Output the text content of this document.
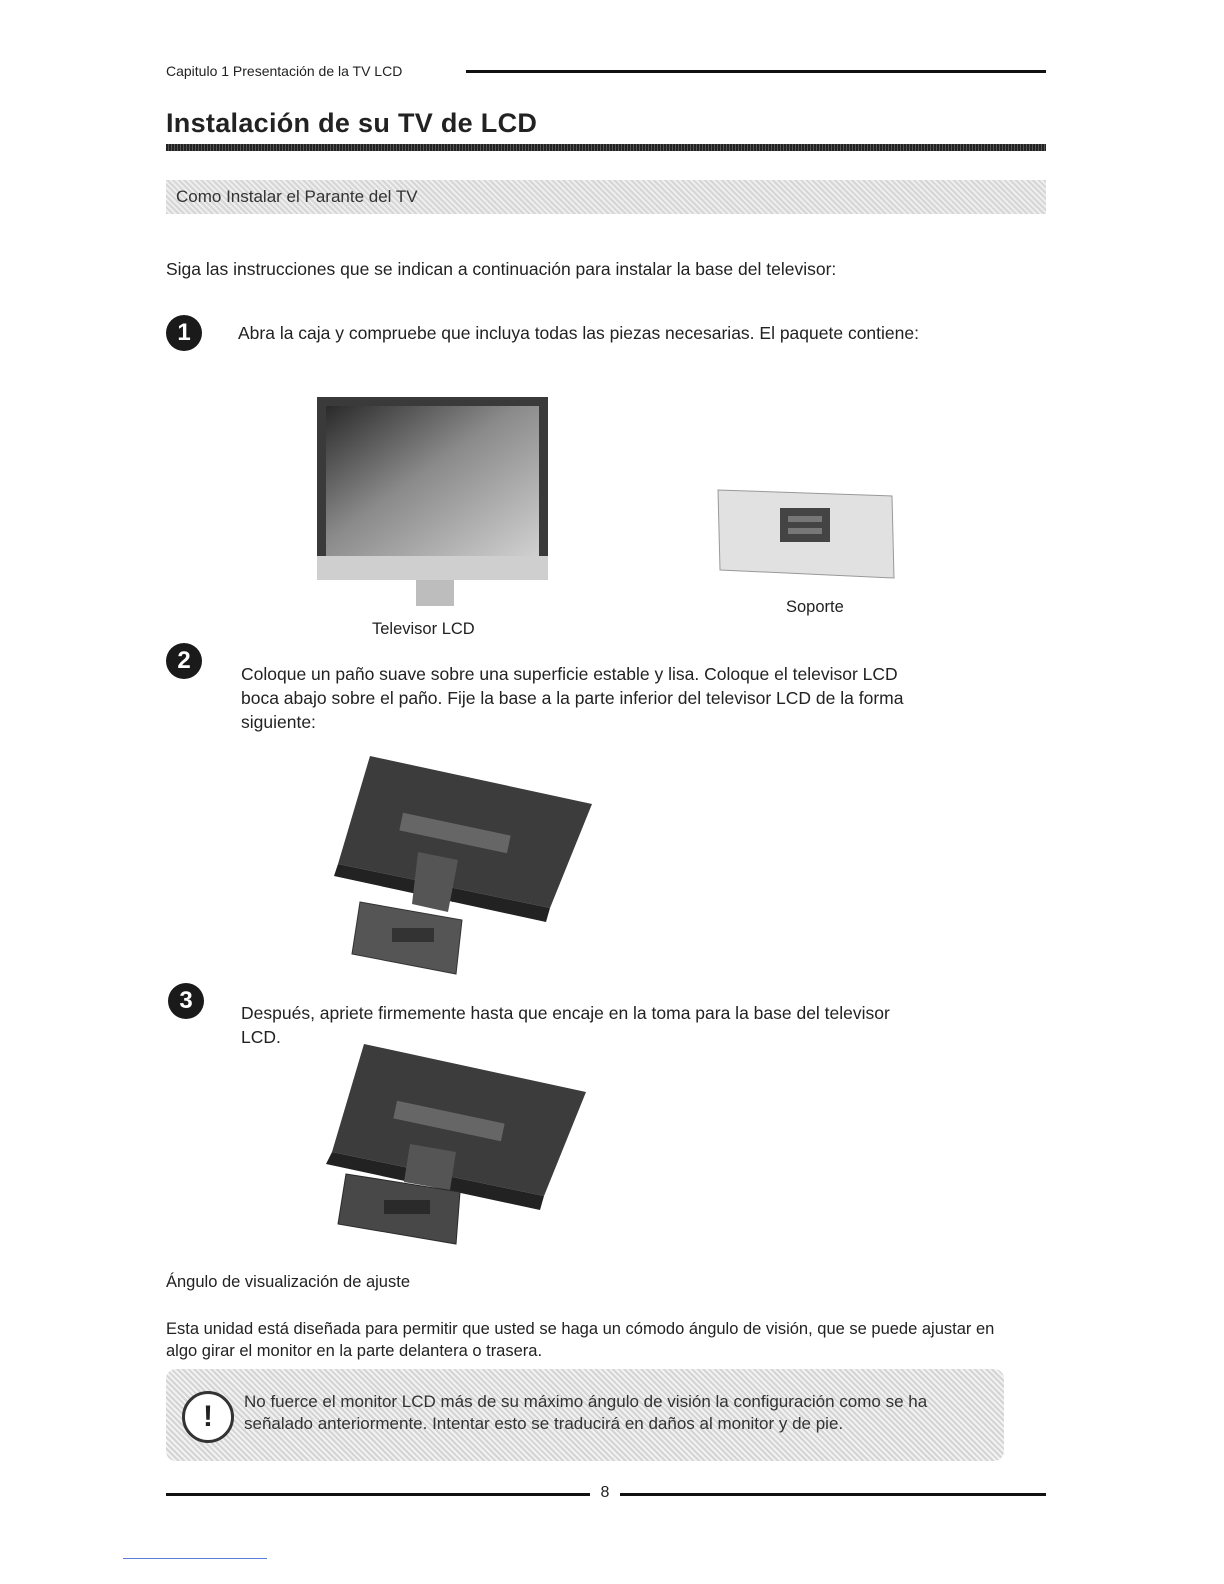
Capitulo 1 Presentación de la TV LCD
Instalación de su TV de LCD
Como Instalar el Parante del TV
Siga las instrucciones que se indican a continuación para instalar la base del televisor:
1	Abra la caja y compruebe que incluya todas las piezas necesarias. El paquete contiene:
Televisor LCD
Soporte
2	Coloque un paño suave sobre una superficie estable y lisa. Coloque el televisor LCD boca abajo sobre el paño. Fije la base a la parte inferior del televisor LCD de la forma siguiente:
3	Después, apriete firmemente hasta que encaje en la toma para la base del televisor LCD.
Ángulo de visualización de ajuste
Esta unidad está diseñada para permitir que usted se haga un cómodo ángulo de visión, que se puede ajustar en algo girar el monitor en la parte delantera o trasera.
!	No fuerce el monitor LCD más de su máximo ángulo de visión la configuración como se ha señalado anteriormente. Intentar esto se traducirá en daños al monitor y de pie.
8
